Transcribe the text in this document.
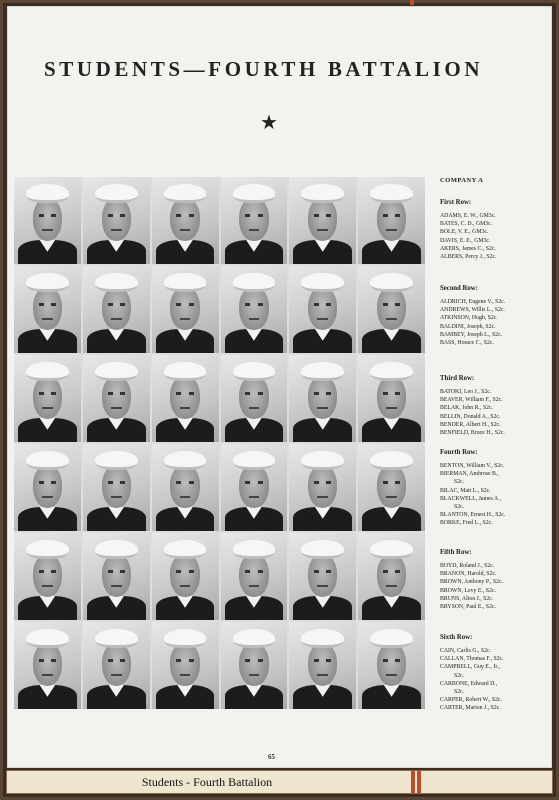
STUDENTS—FOURTH BATTALION
★
COMPANY A
First Row:
ADAMS, E. W., GM3c.
BATES, C. D., GM3c.
BOLE, V. E., GM3c.
DAVIS, E. E., GM3c.
AKERS, James C., S2c.
ALBERS, Percy J., S2c.
Second Row:
ALDRICH, Eugene V., S2c.
ANDREWS, Willis L., S2c.
ATKINSON, Hugh, S2c.
BALDINI, Joseph, S2c.
BAMBEY, Joseph L., S2c.
BASS, Horace C., S2c.
Third Row:
BATOKI, Leo J., S2c.
BEAVER, William F., S2c.
BELAK, John R., S2c.
BELLIN, Donald A., S2c.
BENDER, Albert H., S2c.
BENFIELD, Bruce H., S2c.
Fourth Row:
BENTON, William V., S2c.
BIERMAN, Ambrose B.,
S2c.
BILAC, Matt L., S2c.
BLACKWELL, James A.,
S2c.
BLANTON, Ernest H., S2c.
BORKE, Fred L., S2c.
Fifth Row:
BOYD, Roland J., S2c.
BRANON, Harold, S2c.
BROWN, Anthony P., S2c.
BROWN, Levy E., S2c.
BRUNS, Alton J., S2c.
BRYSON, Paul E., S2c.
Sixth Row:
CAIN, Carlis G., S2c.
CALLAN, Thomas F., S2c.
CAMPBELL, Guy E., Jr.,
S2c.
CARBONE, Edward D.,
S2c.
CARPER, Robert W., S2c.
CARTER, Marion J., S2c.
65
Students - Fourth Battalion
